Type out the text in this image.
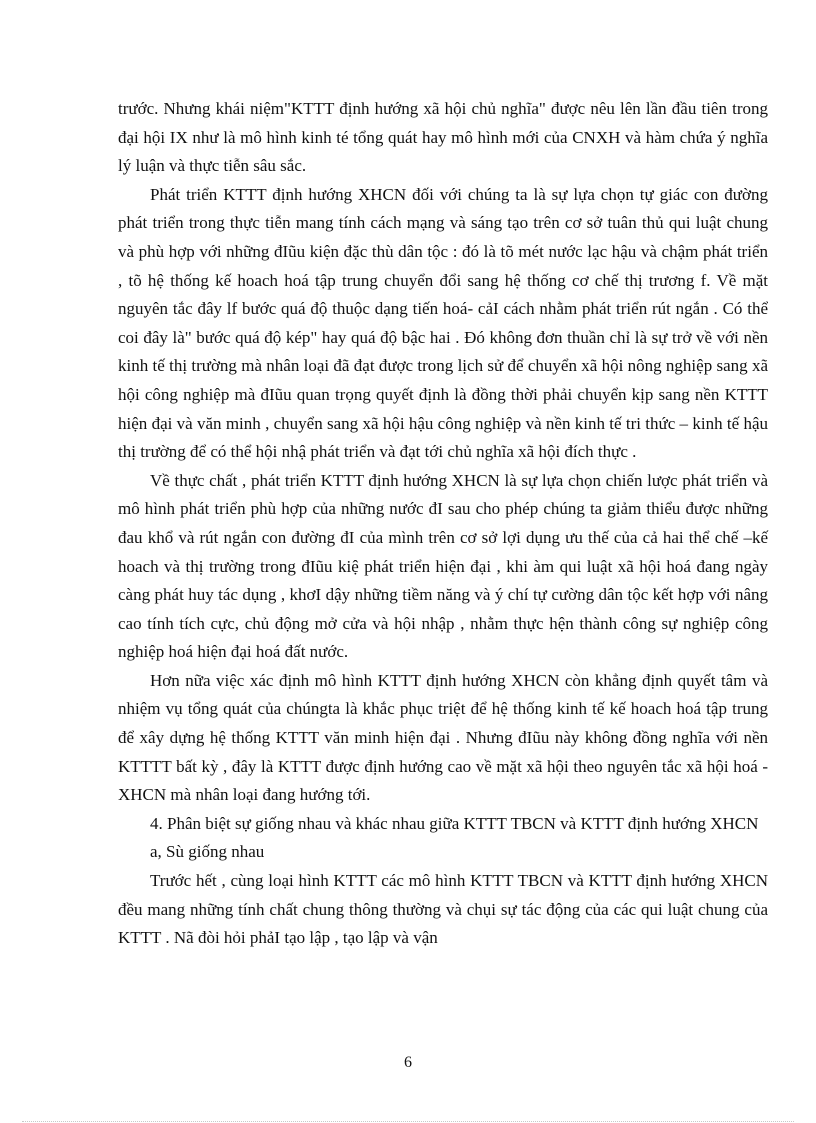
trước. Nhưng khái niệm"KTTT định hướng xã hội chủ nghĩa" được nêu lên lần đầu tiên trong đại hội IX như là mô hình kinh té tổng quát hay mô hình mới của CNXH và hàm chứa ý nghĩa lý luận và thực tiễn sâu sắc.

Phát triển KTTT định hướng XHCN đối với chúng ta là sự lựa chọn tự giác con đường phát triển trong thực tiễn mang tính cách mạng và sáng tạo trên cơ sở tuân thủ qui luật chung và phù hợp với những đIũu kiện đặc thù dân tộc : đó là tõ mét nước lạc hậu và chậm phát triển , tõ hệ thống kế hoach hoá tập trung chuyển đổi sang hệ thống cơ chế thị trương f. Về mặt nguyên tắc đây lf bước quá độ thuộc dạng tiến hoá- cảI cách nhằm phát triển rút ngắn . Có thể coi đây là" bước quá độ kép" hay quá độ bậc hai . Đó không đơn thuần chỉ là sự trở về với nền kinh tế thị trường mà nhân loại đã đạt được trong lịch sử để chuyển xã hội nông nghiệp sang xã hội công nghiệp mà đIũu quan trọng quyết định là đồng thời phải chuyển kịp sang nền KTTT hiện đại và văn minh , chuyển sang xã hội hậu công nghiệp và nền kinh tế tri thức – kinh tế hậu thị trường để có thể hội nhậ phát triển và đạt tới chủ nghĩa xã hội đích thực .

Về thực chất , phát triển KTTT định hướng XHCN là sự lựa chọn chiến lược phát triển và mô hình phát triển phù hợp của những nước đI sau cho phép chúng ta giảm thiểu được những đau khổ và rút ngắn con đường đI của mình trên cơ sở lợi dụng ưu thế của cả hai thể chế –kế hoach và thị trường trong đIũu kiệ phát triển hiện đại , khi àm qui luật xã hội hoá đang ngày càng phát huy tác dụng , khơI dậy những tiềm năng và ý chí tự cường dân tộc kết hợp với nâng cao tính tích cực, chủ động mở cửa và hội nhập , nhằm thực hện thành công sự nghiệp công nghiệp hoá hiện đại hoá đất nước.

Hơn nữa việc xác định mô hình KTTT định hướng XHCN còn khẳng định quyết tâm và nhiệm vụ tổng quát của chúngta là khắc phục triệt để hệ thống kinh tế kế hoach hoá tập trung để xây dựng hệ thống KTTT văn minh hiện đại . Nhưng đIũu này không đồng nghĩa với nền KTTTT bất kỳ , đây là KTTT được định hướng cao về mặt xã hội theo nguyên tắc xã hội hoá - XHCN mà nhân loại đang hướng tới.

4. Phân biệt sự giống nhau và khác nhau giữa KTTT TBCN và KTTT định hướng XHCN

a, Sù giống nhau

Trước hết , cùng loại hình KTTT các mô hình KTTT TBCN và KTTT định hướng XHCN đều mang những tính chất chung thông thường và chụi sự tác động của các qui luật chung của KTTT . Nã đòi hỏi phảI tạo lập , tạo lập và vận

6
